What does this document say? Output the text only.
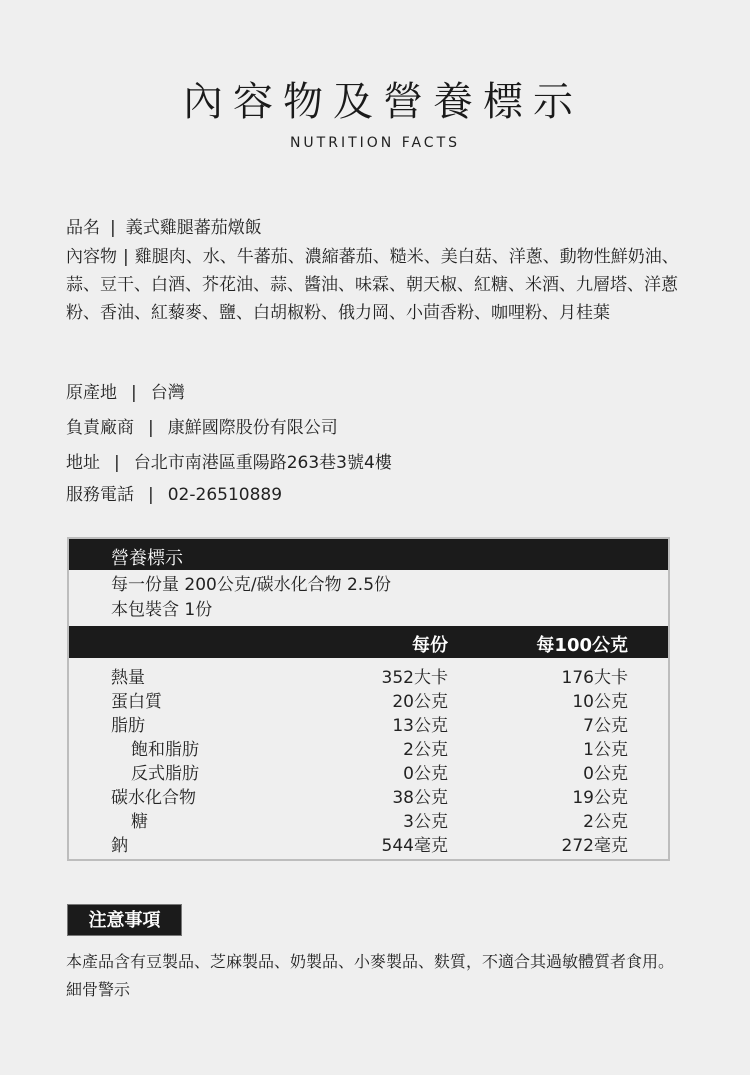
內容物及營養標示
NUTRITION FACTS
品名 | 義式雞腿蕃茄燉飯
內容物 | 雞腿肉、水、牛蕃茄、濃縮蕃茄、糙米、美白菇、洋蔥、動物性鮮奶油、蒜、豆干、白酒、芥花油、蒜、醬油、味霖、朝天椒、紅糖、米酒、九層塔、洋蔥粉、香油、紅藜麥、鹽、白胡椒粉、俄力岡、小茴香粉、咖哩粉、月桂葉
原產地 | 台灣
負責廠商 | 康鮮國際股份有限公司
地址 | 台北市南港區重陽路263巷3號4樓
服務電話 | 02-26510889
營養標示
每一份量 200公克/碳水化合物 2.5份
本包裝含 1份
每份	每100公克
熱量	352大卡	176大卡
蛋白質	20公克	10公克
脂肪	13公克	7公克
飽和脂肪	2公克	1公克
反式脂肪	0公克	0公克
碳水化合物	38公克	19公克
糖	3公克	2公克
鈉	544毫克	272毫克
注意事項
本產品含有豆製品、芝麻製品、奶製品、小麥製品、麩質，不適合其過敏體質者食用。
細骨警示
